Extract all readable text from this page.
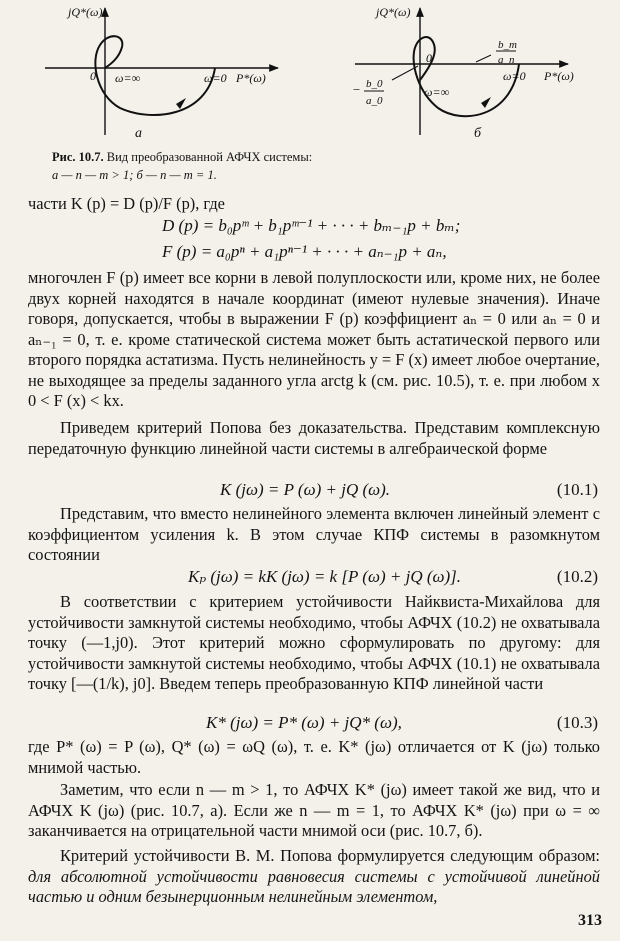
jQ*(ω)
P*(ω)
0 ω=∞	ω=0
а
jQ*(ω)
P*(ω)
0
ω=∞
ω=0
b_m
a_n
− b_0
a_0
б
Рис. 10.7. Вид преобразованной АФЧХ системы:
а — n — m > 1; б — n — m = 1.
части K (p) = D (p)/F (p), где
D (p) = b₀pᵐ + b₁pᵐ⁻¹ + · · · + bₘ₋₁p + bₘ;
F (p) = a₀pⁿ + a₁pⁿ⁻¹ + · · · + aₙ₋₁p + aₙ,
многочлен F (p) имеет все корни в левой полуплоскости или, кроме них, не более двух корней находятся в начале координат (имеют нулевые значения). Иначе говоря, допускается, чтобы в выражении F (p) коэффициент aₙ = 0 или aₙ = 0 и aₙ₋₁ = 0, т. е. кроме статической система может быть астатической первого или второго порядка астатизма. Пусть нелинейность y = F (x) имеет любое очертание, не выходящее за пределы заданного угла arctg k (см. рис. 10.5), т. е. при любом x 0 < F (x) < kx.
Приведем критерий Попова без доказательства. Представим комплексную передаточную функцию линейной части системы в алгебраической форме
K (jω) = P (ω) + jQ (ω).	(10.1)
Представим, что вместо нелинейного элемента включен линейный элемент с коэффициентом усиления k. В этом случае КПФ системы в разомкнутом состоянии
Kₚ (jω) = kK (jω) = k [P (ω) + jQ (ω)].	(10.2)
В соответствии с критерием устойчивости Найквиста-Михайлова для устойчивости замкнутой системы необходимо, чтобы АФЧХ (10.2) не охватывала точку (—1,j0). Этот критерий можно сформулировать по другому: для устойчивости замкнутой системы необходимо, чтобы АФЧХ (10.1) не охватывала точку [—(1/k), j0]. Введем теперь преобразованную КПФ линейной части
K* (jω) = P* (ω) + jQ* (ω),	(10.3)
где P* (ω) = P (ω), Q* (ω) = ωQ (ω), т. е. K* (jω) отличается от K (jω) только мнимой частью.
Заметим, что если n — m > 1, то АФЧХ K* (jω) имеет такой же вид, что и АФЧХ K (jω) (рис. 10.7, а). Если же n — m = 1, то АФЧХ K* (jω) при ω = ∞ заканчивается на отрицательной части мнимой оси (рис. 10.7, б).
Критерий устойчивости В. М. Попова формулируется следующим образом: для абсолютной устойчивости равновесия системы с устойчивой линейной частью и одним безынерционным нелинейным элементом,
313
